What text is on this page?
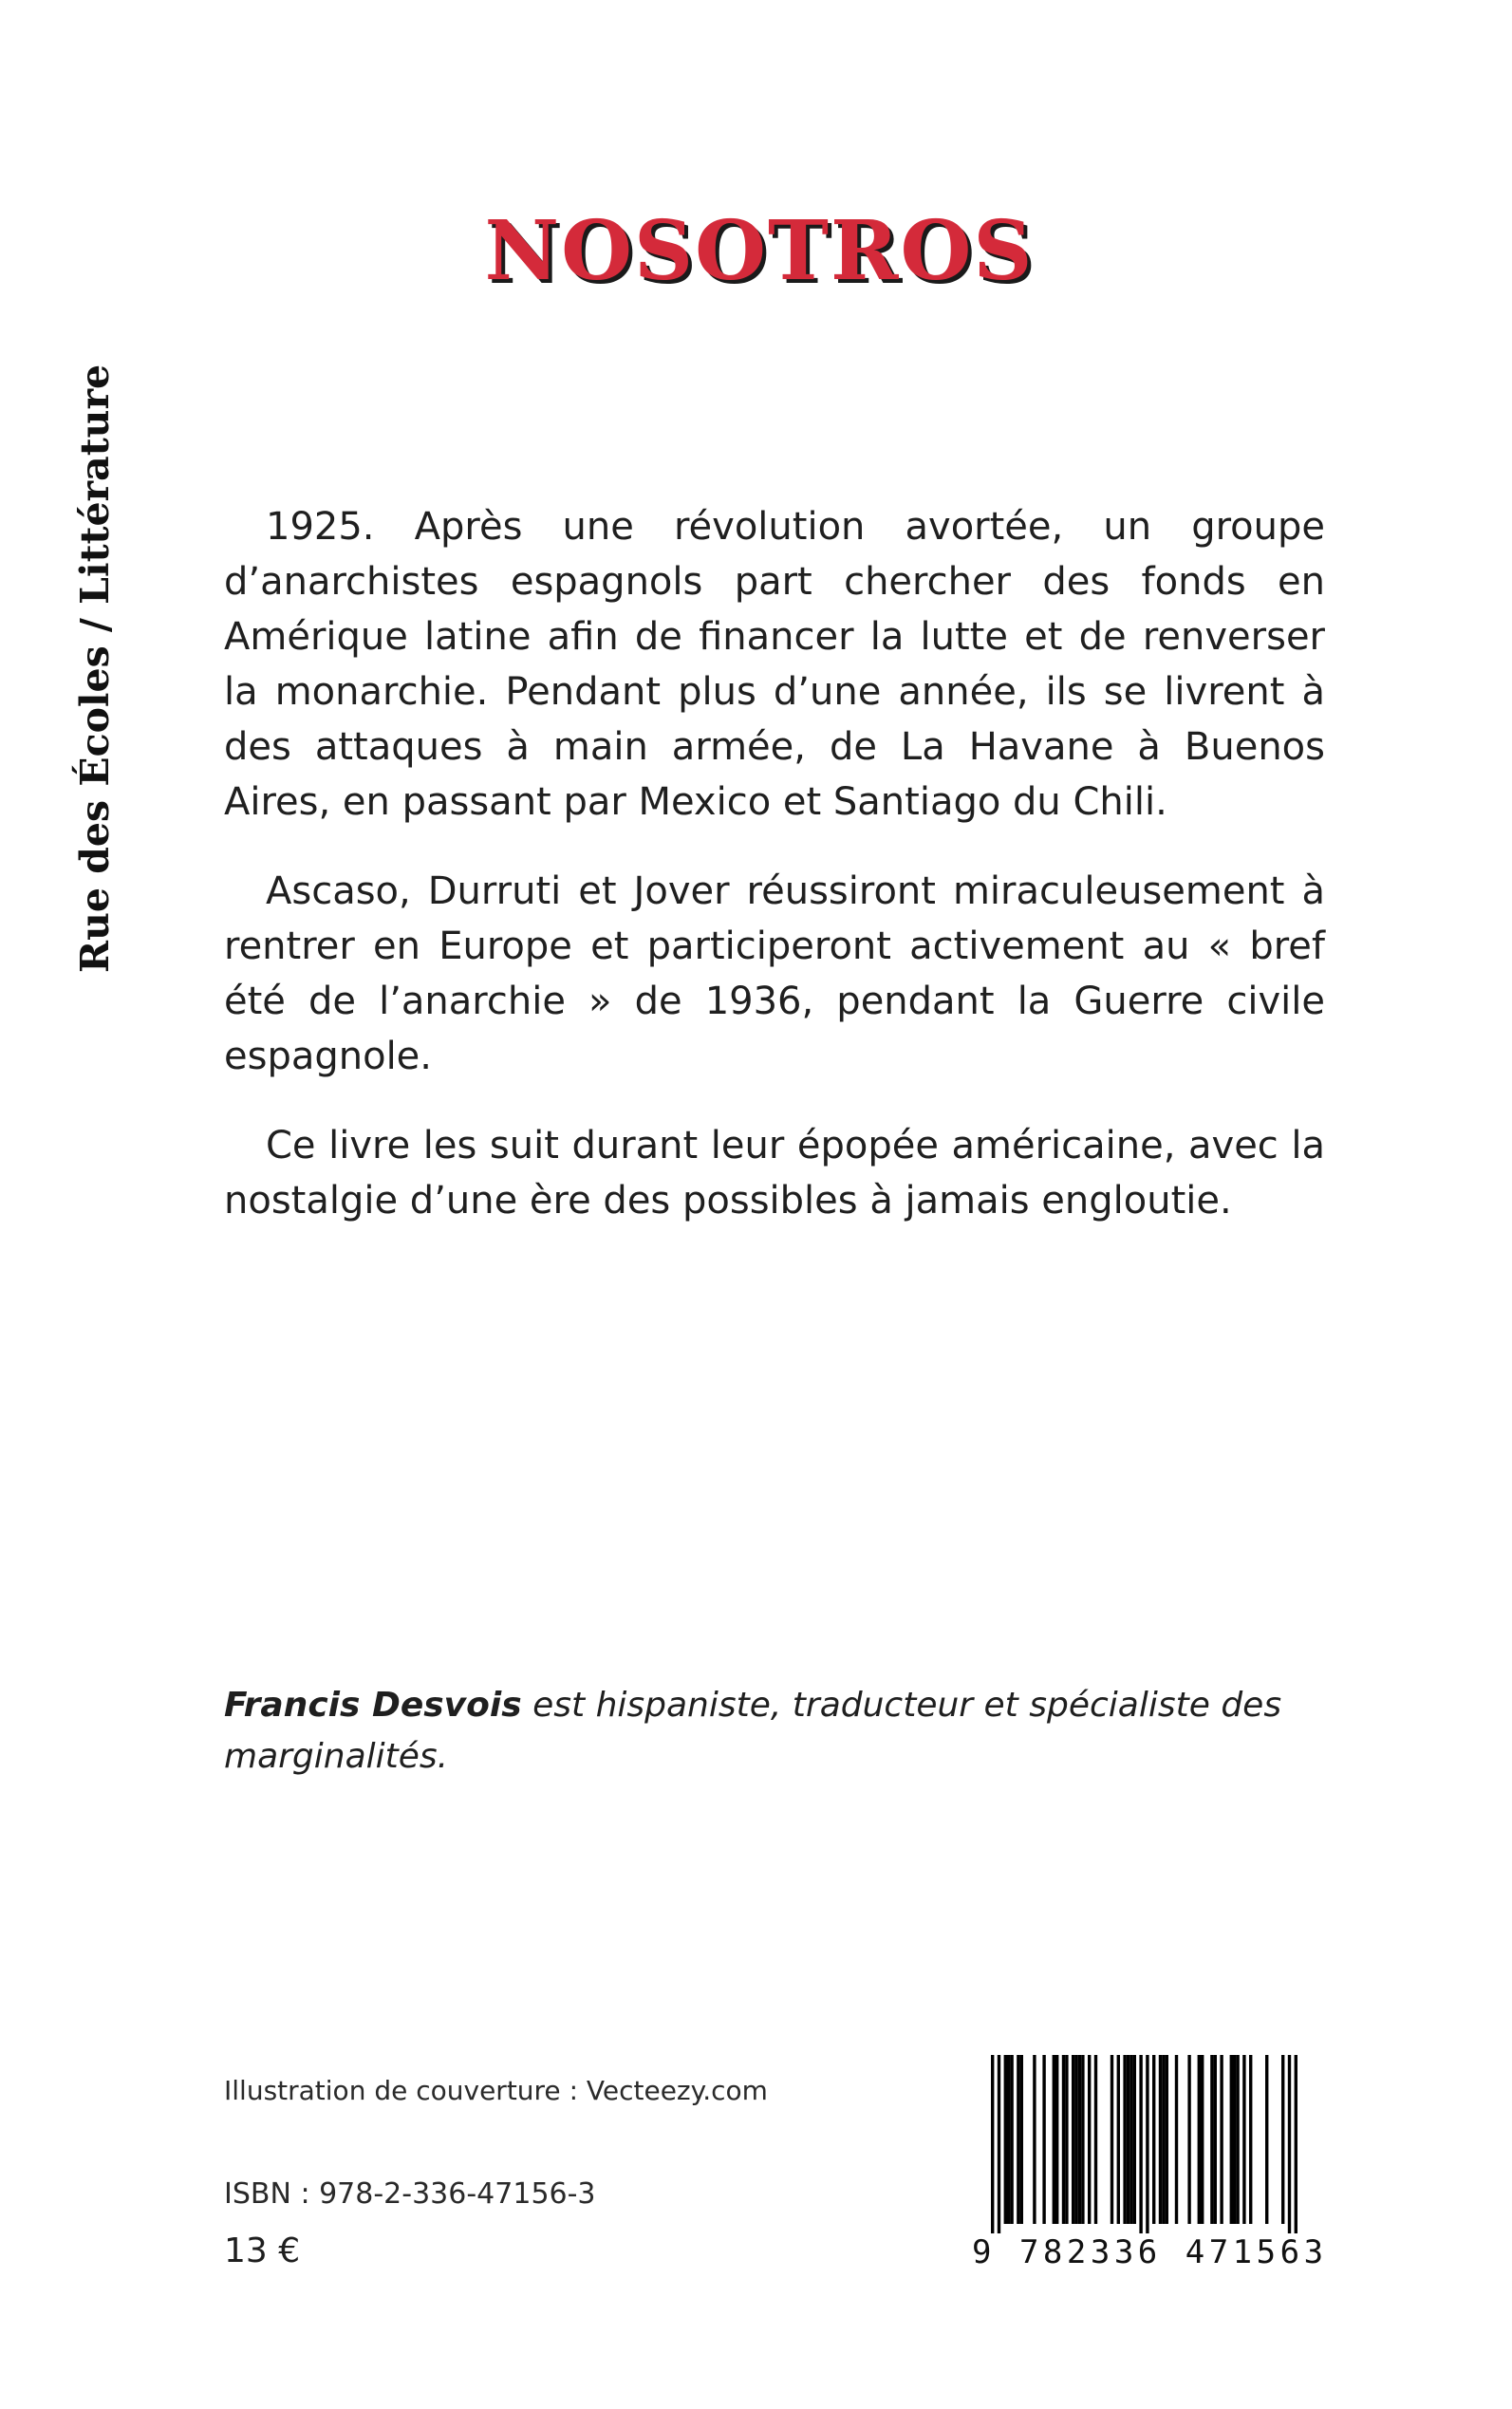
Rue des Écoles / Littérature
NOSOTROS

1925. Après une révolution avortée, un groupe d’anarchistes espagnols part chercher des fonds en Amérique latine afin de financer la lutte et de renverser la monarchie. Pendant plus d’une année, ils se livrent à des attaques à main armée, de La Havane à Buenos Aires, en passant par Mexico et Santiago du Chili.

Ascaso, Durruti et Jover réussiront miraculeusement à rentrer en Europe et participeront activement au « bref été de l’anarchie » de 1936, pendant la Guerre civile espagnole.

Ce livre les suit durant leur épopée américaine, avec la nostalgie d’une ère des possibles à jamais engloutie.

Francis Desvois est hispaniste, traducteur et spécialiste des marginalités.
Illustration de couverture : Vecteezy.com
ISBN : 978-2-336-47156-3
13 €	9 782336 471563
